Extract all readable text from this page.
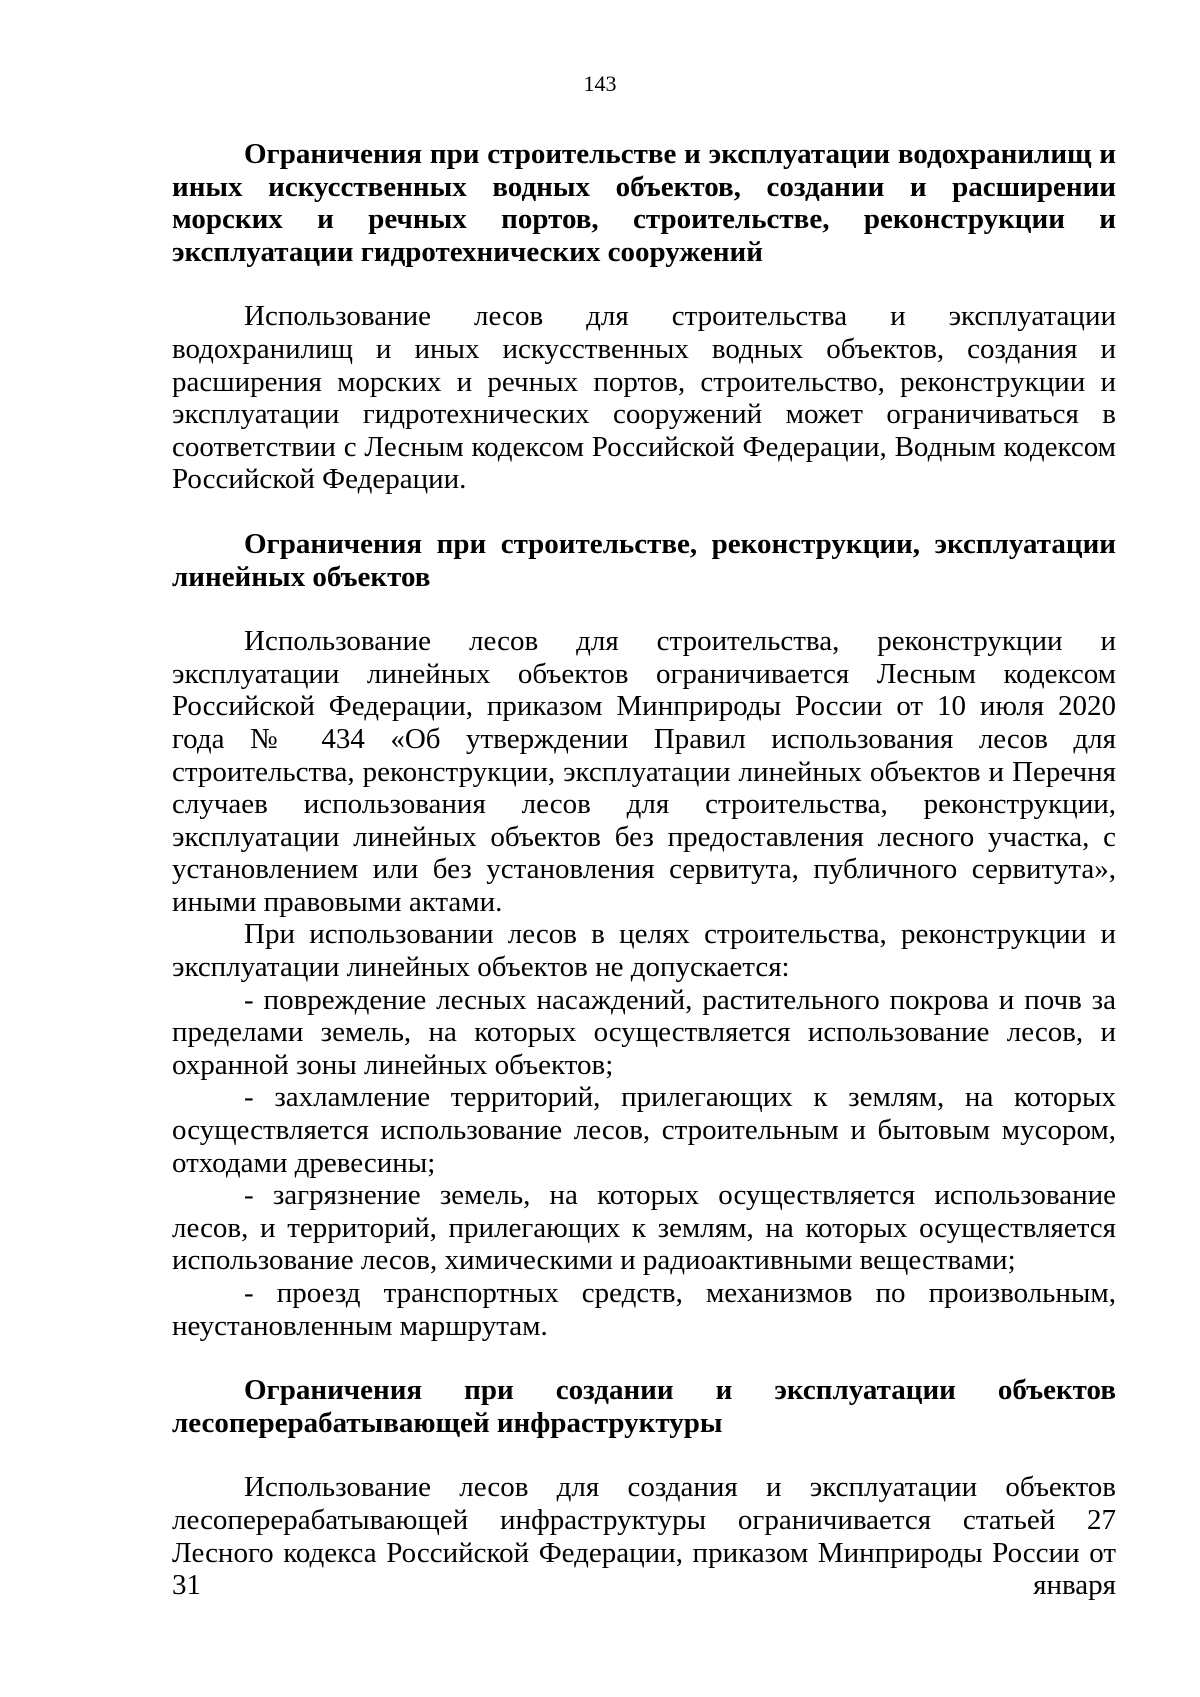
143

Ограничения при строительстве и эксплуатации водохранилищ и иных искусственных водных объектов, создании и расширении морских и речных портов, строительстве, реконструкции и эксплуатации гидротехнических сооружений

Использование лесов для строительства и эксплуатации водохранилищ и иных искусственных водных объектов, создания и расширения морских и речных портов, строительство, реконструкции и эксплуатации гидротехнических сооружений может ограничиваться в соответствии с Лесным кодексом Российской Федерации, Водным кодексом Российской Федерации.

Ограничения при строительстве, реконструкции, эксплуатации линейных объектов

Использование лесов для строительства, реконструкции и эксплуатации линейных объектов ограничивается Лесным кодексом Российской Федерации, приказом Минприроды России от 10 июля 2020 года № 434 «Об утверждении Правил использования лесов для строительства, реконструкции, эксплуатации линейных объектов и Перечня случаев использования лесов для строительства, реконструкции, эксплуатации линейных объектов без предоставления лесного участка, с установлением или без установления сервитута, публичного сервитута», иными правовыми актами.

При использовании лесов в целях строительства, реконструкции и эксплуатации линейных объектов не допускается:

- повреждение лесных насаждений, растительного покрова и почв за пределами земель, на которых осуществляется использование лесов, и охранной зоны линейных объектов;

- захламление территорий, прилегающих к землям, на которых осуществляется использование лесов, строительным и бытовым мусором, отходами древесины;

- загрязнение земель, на которых осуществляется использование лесов, и территорий, прилегающих к землям, на которых осуществляется использование лесов, химическими и радиоактивными веществами;

- проезд транспортных средств, механизмов по произвольным, неустановленным маршрутам.

Ограничения при создании и эксплуатации объектов лесоперерабатывающей инфраструктуры

Использование лесов для создания и эксплуатации объектов лесоперерабатывающей инфраструктуры ограничивается статьей 27 Лесного кодекса Российской Федерации, приказом Минприроды России от 31 января
